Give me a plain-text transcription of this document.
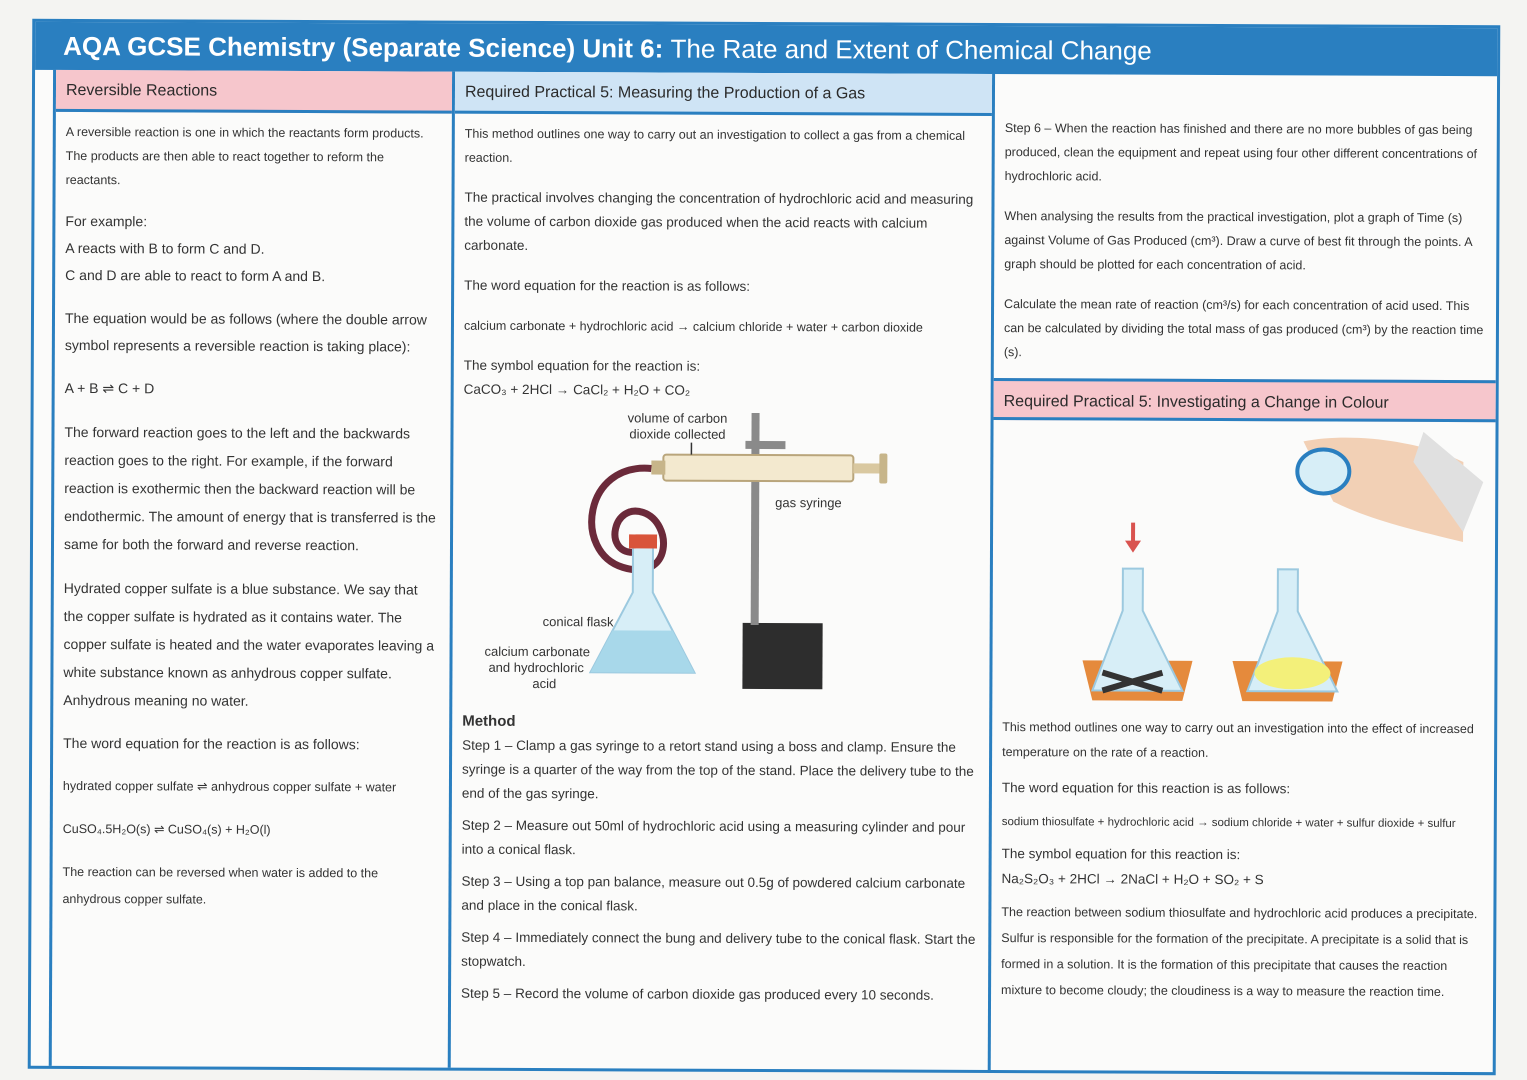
AQA GCSE Chemistry (Separate Science) Unit 6: The Rate and Extent of Chemical Change
Reversible Reactions

A reversible reaction is one in which the reactants form products. The products are then able to react together to reform the reactants.

For example:
A reacts with B to form C and D.

C and D are able to react to form A and B.

The equation would be as follows (where the double arrow symbol represents a reversible reaction is taking place):

A + B ⇌ C + D

The forward reaction goes to the left and the backwards reaction goes to the right. For example, if the forward reaction is exothermic then the backward reaction will be endothermic. The amount of energy that is transferred is the same for both the forward and reverse reaction.

Hydrated copper sulfate is a blue substance. We say that the copper sulfate is hydrated as it contains water. The copper sulfate is heated and the water evaporates leaving a white substance known as anhydrous copper sulfate. Anhydrous meaning no water.

The word equation for the reaction is as follows:

hydrated copper sulfate ⇌ anhydrous copper sulfate + water

CuSO₄.5H₂O(s) ⇌ CuSO₄(s) + H₂O(l)

The reaction can be reversed when water is added to the anhydrous copper sulfate.

Required Practical 5: Measuring the Production of a Gas

This method outlines one way to carry out an investigation to collect a gas from a chemical reaction.

The practical involves changing the concentration of hydrochloric acid and measuring the volume of carbon dioxide gas produced when the acid reacts with calcium carbonate.

The word equation for the reaction is as follows:

calcium carbonate + hydrochloric acid → calcium chloride + water + carbon dioxide

The symbol equation for the reaction is:
CaCO₃ + 2HCl → CaCl₂ + H₂O + CO₂
volume of carbon
dioxide collected
gas syringe
conical flask
calcium carbonate
and hydrochloric
acid
Method

Step 1 – Clamp a gas syringe to a retort stand using a boss and clamp. Ensure the syringe is a quarter of the way from the top of the stand. Place the delivery tube to the end of the gas syringe.

Step 2 – Measure out 50ml of hydrochloric acid using a measuring cylinder and pour into a conical flask.

Step 3 – Using a top pan balance, measure out 0.5g of powdered calcium carbonate and place in the conical flask.

Step 4 – Immediately connect the bung and delivery tube to the conical flask. Start the stopwatch.

Step 5 – Record the volume of carbon dioxide gas produced every 10 seconds.

Step 6 – When the reaction has finished and there are no more bubbles of gas being produced, clean the equipment and repeat using four other different concentrations of hydrochloric acid.

When analysing the results from the practical investigation, plot a graph of Time (s) against Volume of Gas Produced (cm³). Draw a curve of best fit through the points. A graph should be plotted for each concentration of acid.

Calculate the mean rate of reaction (cm³/s) for each concentration of acid used. This can be calculated by dividing the total mass of gas produced (cm³) by the reaction time (s).

Required Practical 5: Investigating a Change in Colour

This method outlines one way to carry out an investigation into the effect of increased temperature on the rate of a reaction.

The word equation for this reaction is as follows:

sodium thiosulfate + hydrochloric acid → sodium chloride + water + sulfur dioxide + sulfur

The symbol equation for this reaction is:

Na₂S₂O₃ + 2HCl → 2NaCl + H₂O + SO₂ + S

The reaction between sodium thiosulfate and hydrochloric acid produces a precipitate. Sulfur is responsible for the formation of the precipitate. A precipitate is a solid that is formed in a solution. It is the formation of this precipitate that causes the reaction mixture to become cloudy; the cloudiness is a way to measure the reaction time.
